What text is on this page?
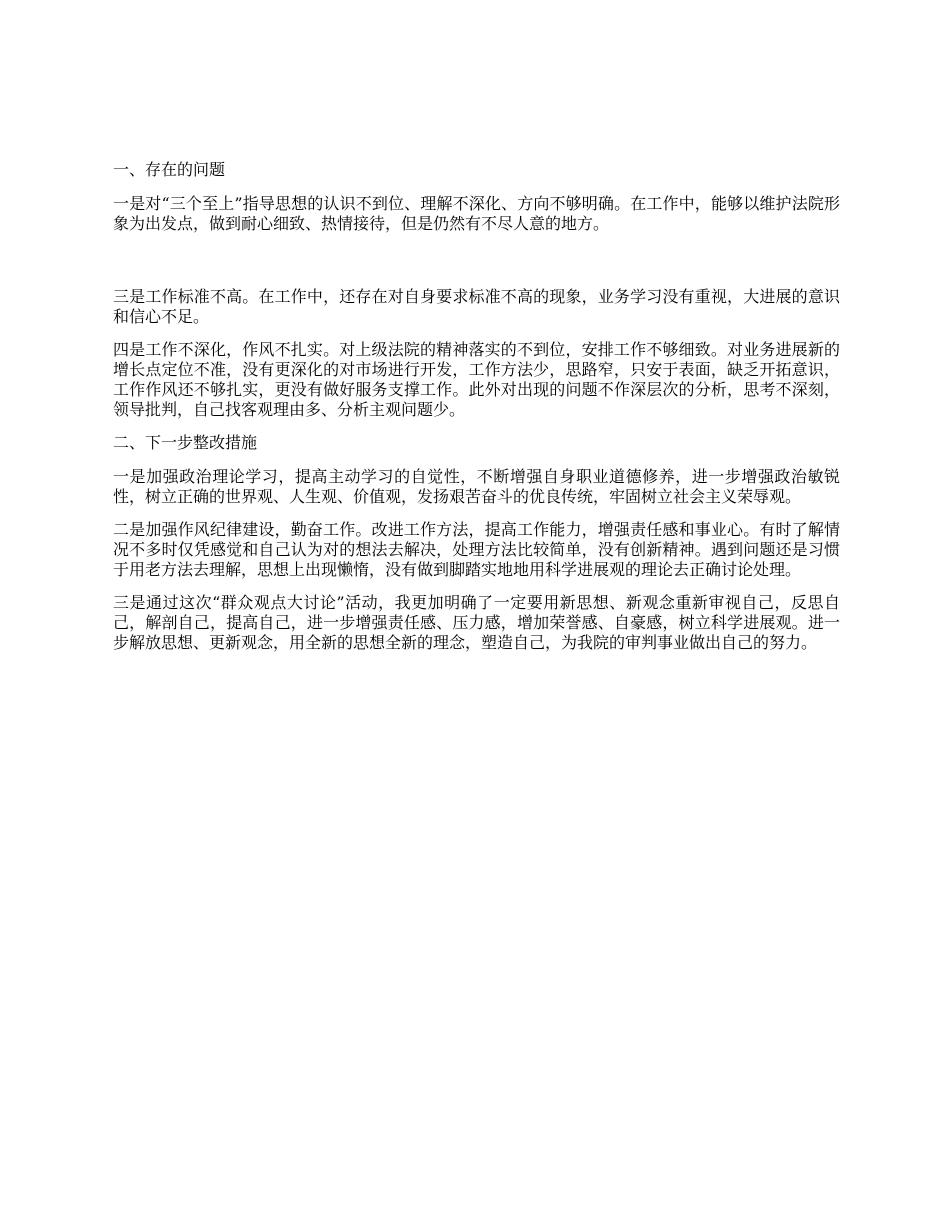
一、存在的问题

一是对“三个至上”指导思想的认识不到位、理解不深化、方向不够明确。在工作中，能够以维护法院形象为出发点，做到耐心细致、热情接待，但是仍然有不尽人意的地方。

三是工作标准不高。在工作中，还存在对自身要求标准不高的现象，业务学习没有重视，大进展的意识和信心不足。

四是工作不深化，作风不扎实。对上级法院的精神落实的不到位，安排工作不够细致。对业务进展新的增长点定位不准，没有更深化的对市场进行开发，工作方法少，思路窄，只安于表面，缺乏开拓意识，工作作风还不够扎实，更没有做好服务支撑工作。此外对出现的问题不作深层次的分析，思考不深刻，领导批判，自己找客观理由多、分析主观问题少。

二、下一步整改措施

一是加强政治理论学习，提高主动学习的自觉性，不断增强自身职业道德修养，进一步增强政治敏锐性，树立正确的世界观、人生观、价值观，发扬艰苦奋斗的优良传统，牢固树立社会主义荣辱观。

二是加强作风纪律建设，勤奋工作。改进工作方法，提高工作能力，增强责任感和事业心。有时了解情况不多时仅凭感觉和自己认为对的想法去解决，处理方法比较简单，没有创新精神。遇到问题还是习惯于用老方法去理解，思想上出现懒惰，没有做到脚踏实地地用科学进展观的理论去正确讨论处理。

三是通过这次“群众观点大讨论”活动，我更加明确了一定要用新思想、新观念重新审视自己，反思自己，解剖自己，提高自己，进一步增强责任感、压力感，增加荣誉感、自豪感，树立科学进展观。进一步解放思想、更新观念，用全新的思想全新的理念，塑造自己，为我院的审判事业做出自己的努力。
